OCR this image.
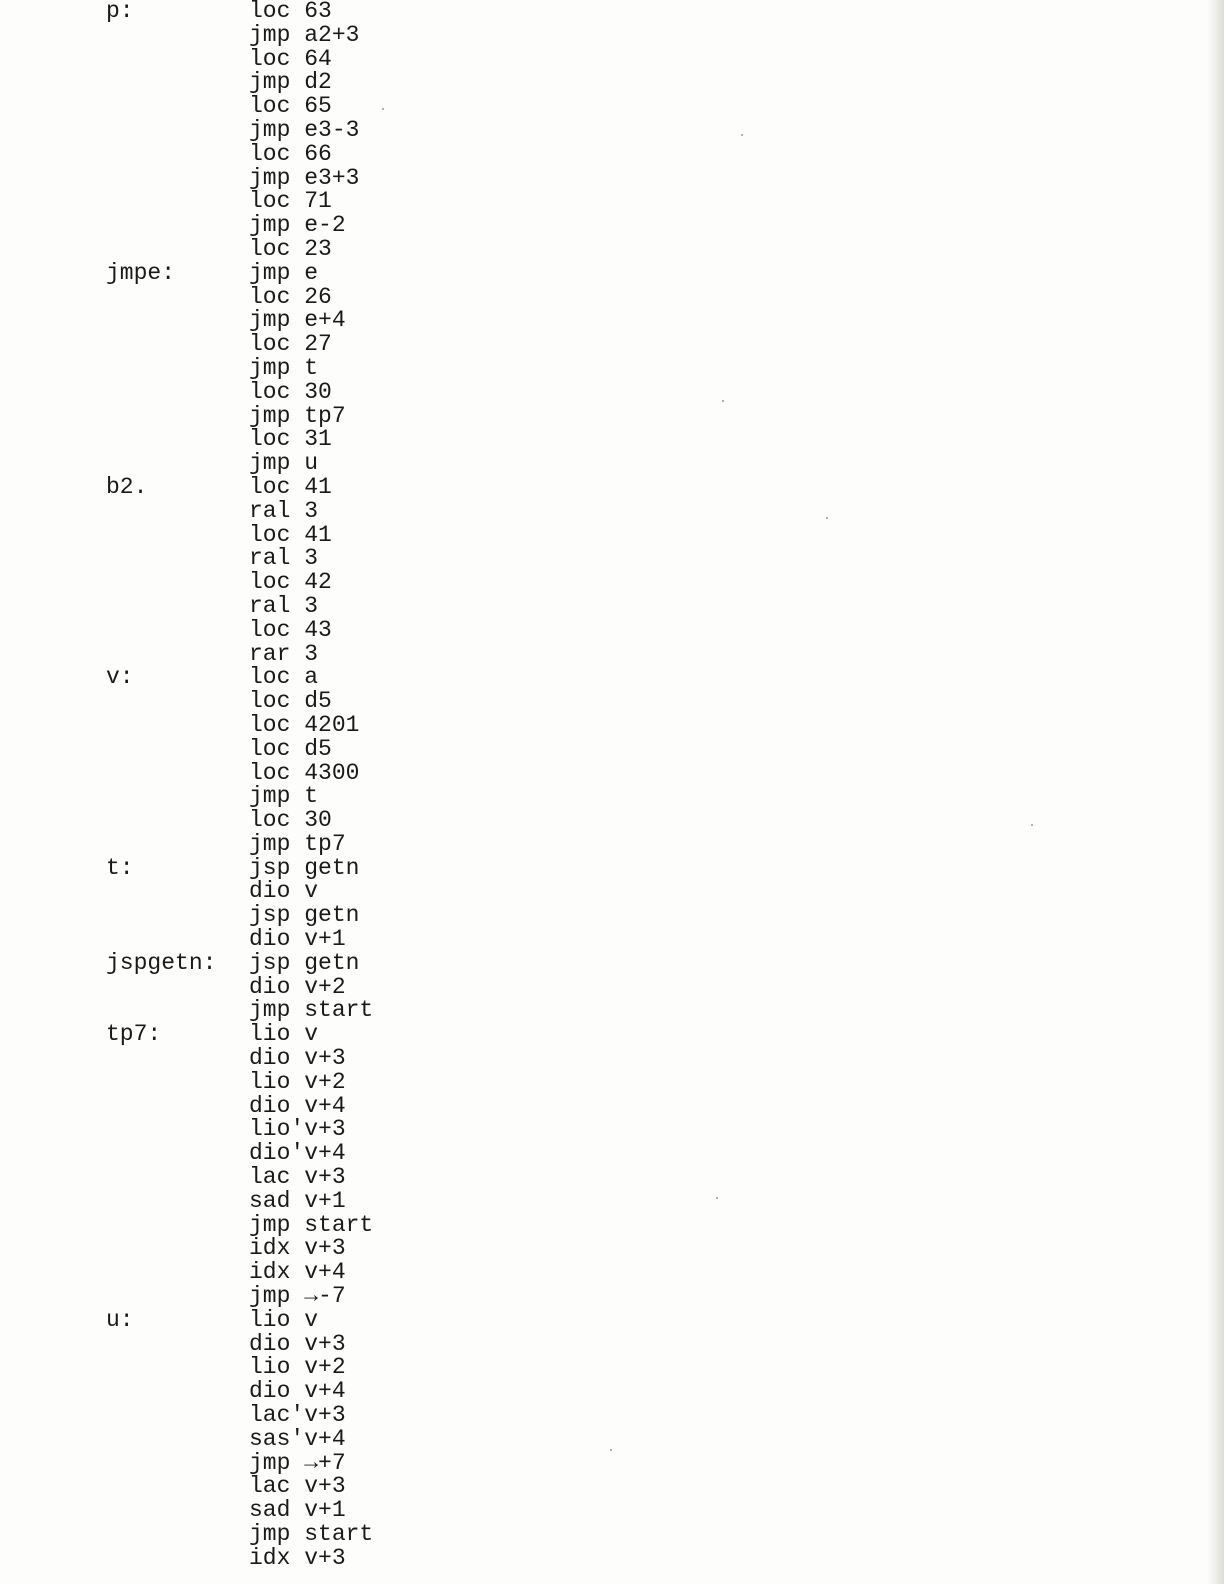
p:	loc 63
jmp a2+3
loc 64
jmp d2
loc 65
jmp e3-3
loc 66
jmp e3+3
loc 71
jmp e-2
loc 23
jmpe:	jmp e
loc 26
jmp e+4
loc 27
jmp t
loc 30
jmp tp7
loc 31
jmp u
b2.	loc 41
ral 3
loc 41
ral 3
loc 42
ral 3
loc 43
rar 3
v:	loc a
loc d5
loc 4201
loc d5
loc 4300
jmp t
loc 30
jmp tp7
t:	jsp getn
dio v
jsp getn
dio v+1
jspgetn:	jsp getn
dio v+2
jmp start
tp7:	lio v
dio v+3
lio v+2
dio v+4
lio'v+3
dio'v+4
lac v+3
sad v+1
jmp start
idx v+3
idx v+4
jmp →-7
u:	lio v
dio v+3
lio v+2
dio v+4
lac'v+3
sas'v+4
jmp →+7
lac v+3
sad v+1
jmp start
idx v+3
